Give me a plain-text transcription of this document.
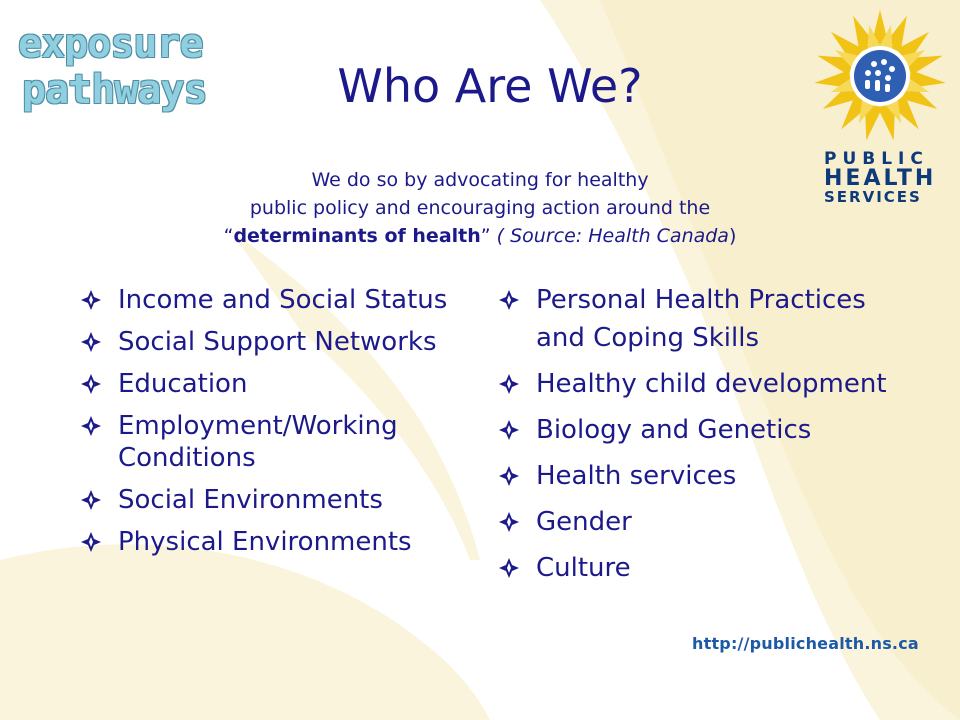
exposure
pathways	Who Are We?
We do so by advocating for healthy
public policy and encouraging action around the
“determinants of health” ( Source: Health Canada)
Income and Social Status
Social Support Networks
Education
Employment/Working Conditions
Social Environments
Physical Environments
Personal Health Practices and Coping Skills
Healthy child development
Biology and Genetics
Health services
Gender
Culture
PUBLIC
HEALTH
SERVICES
http://publichealth.ns.ca
